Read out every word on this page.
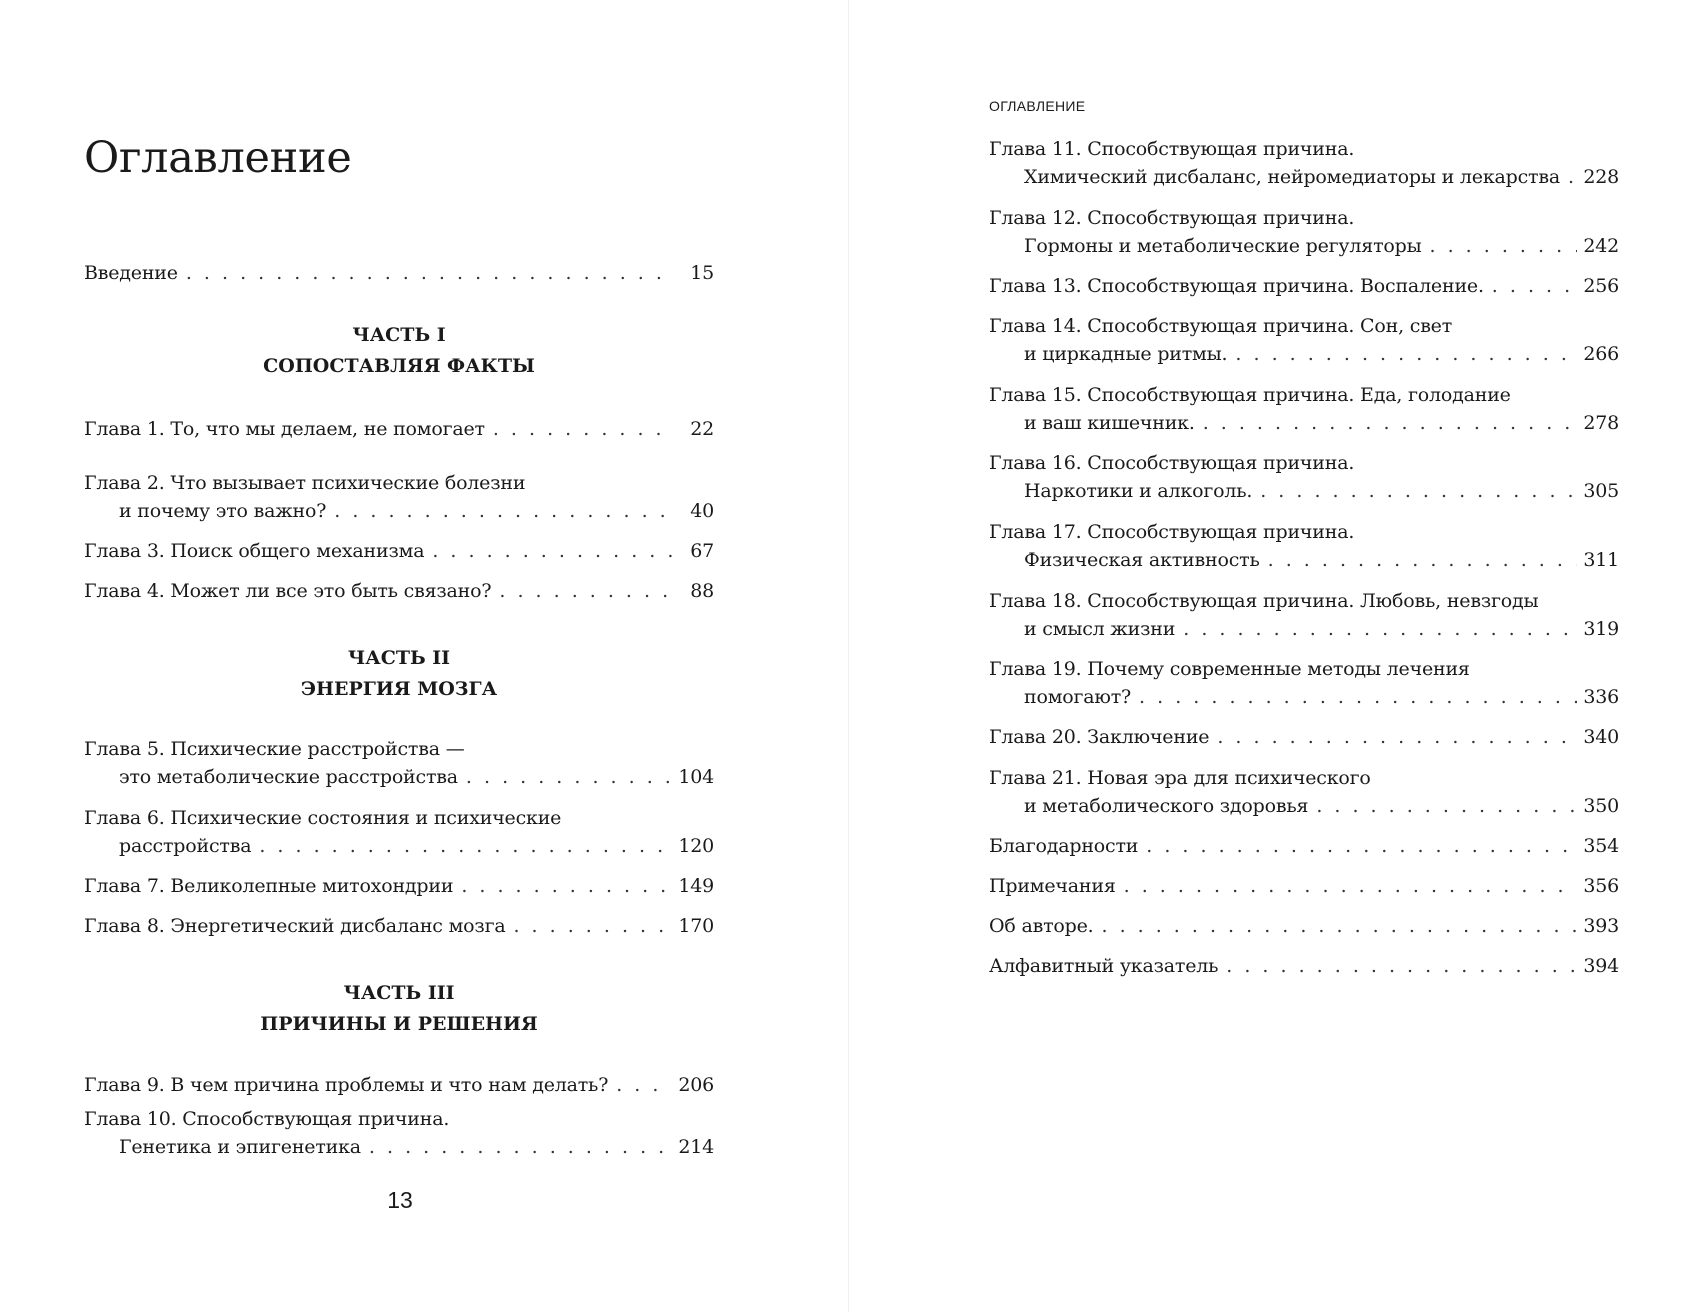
Оглавление
Введение . . .	15
ЧАСТЬ I
СОПОСТАВЛЯЯ ФАКТЫ
Глава 1. То, что мы делаем, не помогает . . .	22
Глава 2. Что вызывает психические болезни
и почему это важно? . . .	40
Глава 3. Поиск общего механизма . . .	67
Глава 4. Может ли все это быть связано? . . .	88
ЧАСТЬ II
ЭНЕРГИЯ МОЗГА
Глава 5. Психические расстройства —
это метаболические расстройства . . .	104
Глава 6. Психические состояния и психические
расстройства . . .	120
Глава 7. Великолепные митохондрии . . .	149
Глава 8. Энергетический дисбаланс мозга . . .	170
ЧАСТЬ III
ПРИЧИНЫ И РЕШЕНИЯ
Глава 9. В чем причина проблемы и что нам делать? . . .	206
Глава 10. Способствующая причина.
Генетика и эпигенетика . . .	214
13
ОГЛАВЛЕНИЕ
Глава 11. Способствующая причина.
Химический дисбаланс, нейромедиаторы и лекарства . . . 228
Глава 12. Способствующая причина.
Гормоны и метаболические регуляторы . . .	242
Глава 13. Способствующая причина. Воспаление. . . .	256
Глава 14. Способствующая причина. Сон, свет
и циркадные ритмы. . . .	266
Глава 15. Способствующая причина. Еда, голодание
и ваш кишечник. . . .	278
Глава 16. Способствующая причина.
Наркотики и алкоголь. . . .	305
Глава 17. Способствующая причина.
Физическая активность . . .	311
Глава 18. Способствующая причина. Любовь, невзгоды
и смысл жизни . . .	319
Глава 19. Почему современные методы лечения
помогают? . . .	336
Глава 20. Заключение . . .	340
Глава 21. Новая эра для психического
и метаболического здоровья . . .	350
Благодарности . . .	354
Примечания . . .	356
Об авторе. . . .	393
Алфавитный указатель . . .	394
